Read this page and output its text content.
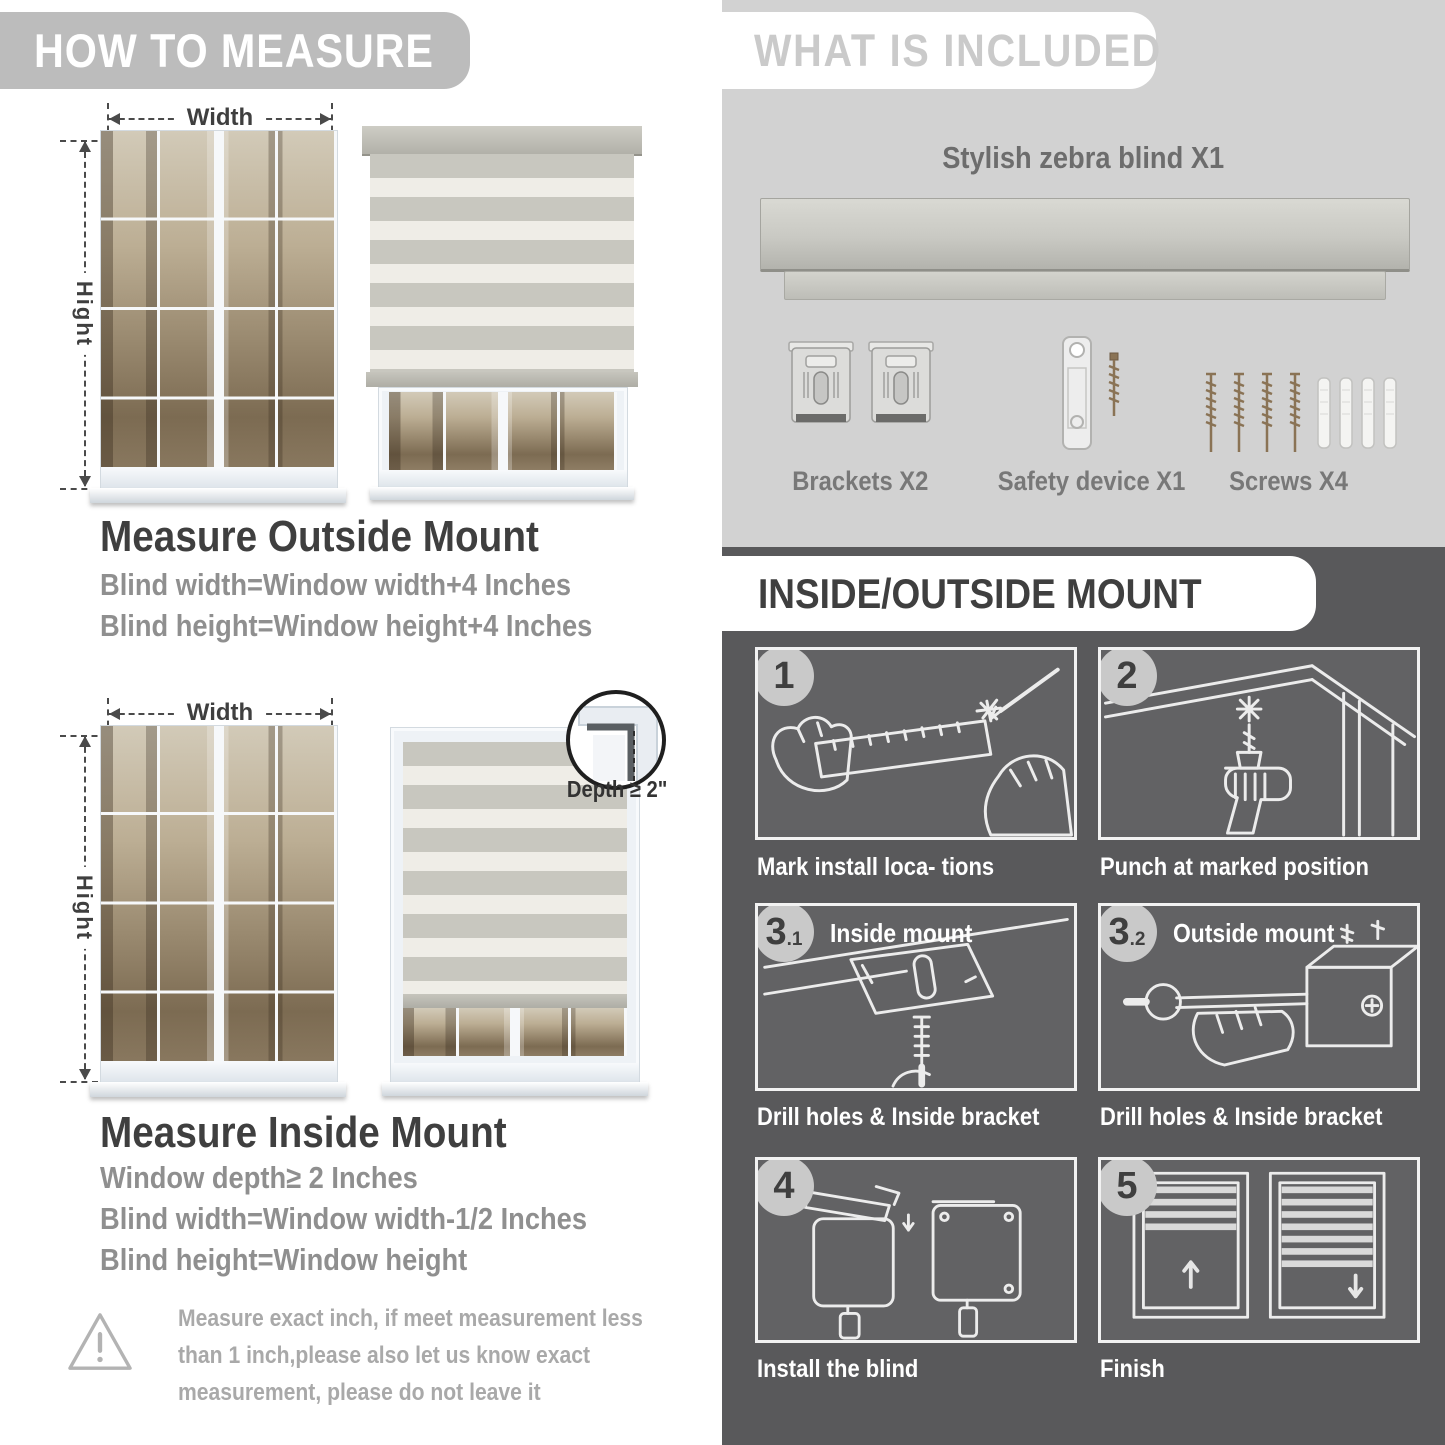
HOW TO MEASURE
Width
Hight
Measure Outside Mount
Blind width=Window width+4 Inches
Blind height=Window height+4 Inches
Width
Hight
Depth ≥ 2"
Measure Inside Mount
Window depth≥ 2 Inches
Blind width=Window width-1/2 Inches
Blind height=Window height
Measure exact inch, if meet measurement less
than 1 inch,please also let us know exact
measurement, please do not leave it
WHAT IS INCLUDED
Stylish zebra blind X1
Brackets X2	Safety device X1	Screws X4
INSIDE/OUTSIDE MOUNT
1
Mark install loca- tions
2
Punch at marked position
3 .1 Inside mount
Drill holes & Inside bracket
3 .2 Outside mount
Drill holes & Inside bracket
4
Install the blind
5
Finish
